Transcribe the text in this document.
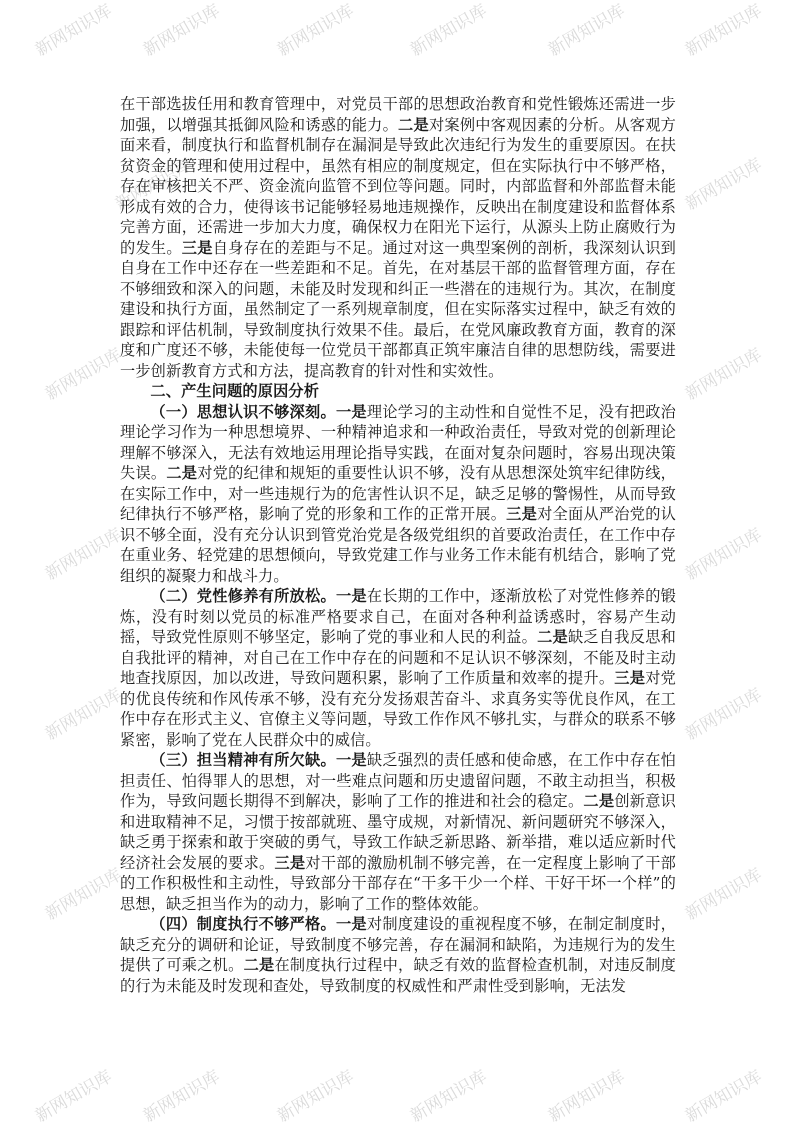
新网知识库 新网知识库	新网知识库	新网知识库	新网知识库	新网知识库
新网知识库
新网知识库
新网知识库
新网知识库
新网知识库
新网知识库
新网知识库
新网知识库
新网知识库
新网知识库
新网知识库 新网知识库	新网知识库	新网知识库	新网知识库	新网知识库

在干部选拔任用和教育管理中，对党员干部的思想政治教育和党性锻炼还需进一步加强，以增强其抵御风险和诱惑的能力。二是对案例中客观因素的分析。从客观方面来看，制度执行和监督机制存在漏洞是导致此次违纪行为发生的重要原因。在扶贫资金的管理和使用过程中，虽然有相应的制度规定，但在实际执行中不够严格，存在审核把关不严、资金流向监管不到位等问题。同时，内部监督和外部监督未能形成有效的合力，使得该书记能够轻易地违规操作，反映出在制度建设和监督体系完善方面，还需进一步加大力度，确保权力在阳光下运行，从源头上防止腐败行为的发生。三是自身存在的差距与不足。通过对这一典型案例的剖析，我深刻认识到自身在工作中还存在一些差距和不足。首先，在对基层干部的监督管理方面，存在不够细致和深入的问题，未能及时发现和纠正一些潜在的违规行为。其次，在制度建设和执行方面，虽然制定了一系列规章制度，但在实际落实过程中，缺乏有效的跟踪和评估机制，导致制度执行效果不佳。最后，在党风廉政教育方面，教育的深度和广度还不够，未能使每一位党员干部都真正筑牢廉洁自律的思想防线，需要进一步创新教育方式和方法，提高教育的针对性和实效性。

二、产生问题的原因分析

（一）思想认识不够深刻。一是理论学习的主动性和自觉性不足，没有把政治理论学习作为一种思想境界、一种精神追求和一种政治责任，导致对党的创新理论理解不够深入，无法有效地运用理论指导实践，在面对复杂问题时，容易出现决策失误。二是对党的纪律和规矩的重要性认识不够，没有从思想深处筑牢纪律防线，在实际工作中，对一些违规行为的危害性认识不足，缺乏足够的警惕性，从而导致纪律执行不够严格，影响了党的形象和工作的正常开展。三是对全面从严治党的认识不够全面，没有充分认识到管党治党是各级党组织的首要政治责任，在工作中存在重业务、轻党建的思想倾向，导致党建工作与业务工作未能有机结合，影响了党组织的凝聚力和战斗力。

（二）党性修养有所放松。一是在长期的工作中，逐渐放松了对党性修养的锻炼，没有时刻以党员的标准严格要求自己，在面对各种利益诱惑时，容易产生动摇，导致党性原则不够坚定，影响了党的事业和人民的利益。二是缺乏自我反思和自我批评的精神，对自己在工作中存在的问题和不足认识不够深刻，不能及时主动地查找原因，加以改进，导致问题积累，影响了工作质量和效率的提升。三是对党的优良传统和作风传承不够，没有充分发扬艰苦奋斗、求真务实等优良作风，在工作中存在形式主义、官僚主义等问题，导致工作作风不够扎实，与群众的联系不够紧密，影响了党在人民群众中的威信。

（三）担当精神有所欠缺。一是缺乏强烈的责任感和使命感，在工作中存在怕担责任、怕得罪人的思想，对一些难点问题和历史遗留问题，不敢主动担当，积极作为，导致问题长期得不到解决，影响了工作的推进和社会的稳定。二是创新意识和进取精神不足，习惯于按部就班、墨守成规，对新情况、新问题研究不够深入，缺乏勇于探索和敢于突破的勇气，导致工作缺乏新思路、新举措，难以适应新时代经济社会发展的要求。三是对干部的激励机制不够完善，在一定程度上影响了干部的工作积极性和主动性，导致部分干部存在“干多干少一个样、干好干坏一个样”的思想，缺乏担当作为的动力，影响了工作的整体效能。

（四）制度执行不够严格。一是对制度建设的重视程度不够，在制定制度时，缺乏充分的调研和论证，导致制度不够完善，存在漏洞和缺陷，为违规行为的发生提供了可乘之机。二是在制度执行过程中，缺乏有效的监督检查机制，对违反制度的行为未能及时发现和查处，导致制度的权威性和严肃性受到影响，无法发
